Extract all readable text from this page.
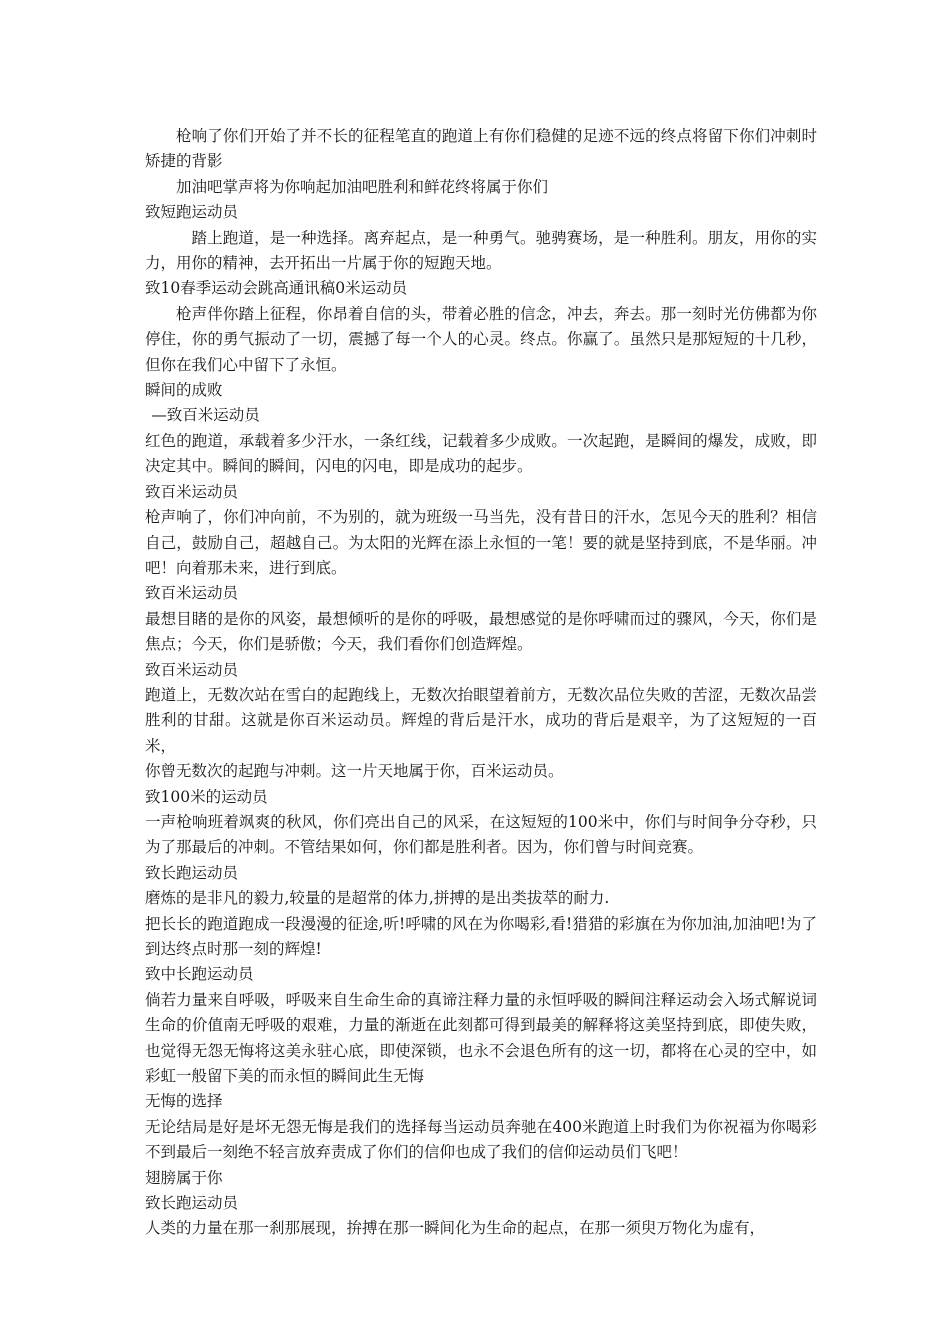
枪响了你们开始了并不长的征程笔直的跑道上有你们稳健的足迹不远的终点将留下你们冲刺时矫捷的背影

加油吧掌声将为你响起加油吧胜利和鲜花终将属于你们

致短跑运动员

踏上跑道，是一种选择。离弃起点，是一种勇气。驰骋赛场，是一种胜利。朋友，用你的实力，用你的精神，去开拓出一片属于你的短跑天地。

致10春季运动会跳高通讯稿0米运动员

枪声伴你踏上征程，你昂着自信的头，带着必胜的信念，冲去，奔去。那一刻时光仿佛都为你停住，你的勇气振动了一切，震撼了每一个人的心灵。终点。你赢了。虽然只是那短短的十几秒，但你在我们心中留下了永恒。

瞬间的成败

—致百米运动员

红色的跑道，承载着多少汗水，一条红线，记载着多少成败。一次起跑，是瞬间的爆发，成败，即决定其中。瞬间的瞬间，闪电的闪电，即是成功的起步。

致百米运动员

枪声响了，你们冲向前，不为别的，就为班级一马当先，没有昔日的汗水，怎见今天的胜利？相信自己，鼓励自己，超越自己。为太阳的光辉在添上永恒的一笔！要的就是坚持到底，不是华丽。冲吧！向着那未来，进行到底。

致百米运动员

最想目睹的是你的风姿，最想倾听的是你的呼吸，最想感觉的是你呼啸而过的骤风，今天，你们是焦点；今天，你们是骄傲；今天，我们看你们创造辉煌。

致百米运动员

跑道上，无数次站在雪白的起跑线上，无数次抬眼望着前方，无数次品位失败的苦涩，无数次品尝胜利的甘甜。这就是你百米运动员。辉煌的背后是汗水，成功的背后是艰辛，为了这短短的一百米，

你曾无数次的起跑与冲刺。这一片天地属于你，百米运动员。

致100米的运动员

一声枪响班着飒爽的秋风，你们亮出自己的风采，在这短短的100米中，你们与时间争分夺秒，只为了那最后的冲刺。不管结果如何，你们都是胜利者。因为，你们曾与时间竞赛。

致长跑运动员

磨炼的是非凡的毅力,较量的是超常的体力,拼搏的是出类拔萃的耐力.

把长长的跑道跑成一段漫漫的征途,听!呼啸的风在为你喝彩,看!猎猎的彩旗在为你加油,加油吧!为了到达终点时那一刻的辉煌!

致中长跑运动员

倘若力量来自呼吸，呼吸来自生命生命的真谛注释力量的永恒呼吸的瞬间注释运动会入场式解说词生命的价值南无呼吸的艰难，力量的渐逝在此刻都可得到最美的解释将这美坚持到底，即使失败，也觉得无怨无悔将这美永驻心底，即使深锁，也永不会退色所有的这一切，都将在心灵的空中，如彩虹一般留下美的而永恒的瞬间此生无悔

无悔的选择

无论结局是好是坏无怨无悔是我们的选择每当运动员奔驰在400米跑道上时我们为你祝福为你喝彩不到最后一刻绝不轻言放弃责成了你们的信仰也成了我们的信仰运动员们飞吧！

翅膀属于你

致长跑运动员

人类的力量在那一刹那展现，拚搏在那一瞬间化为生命的起点，在那一须臾万物化为虚有，
